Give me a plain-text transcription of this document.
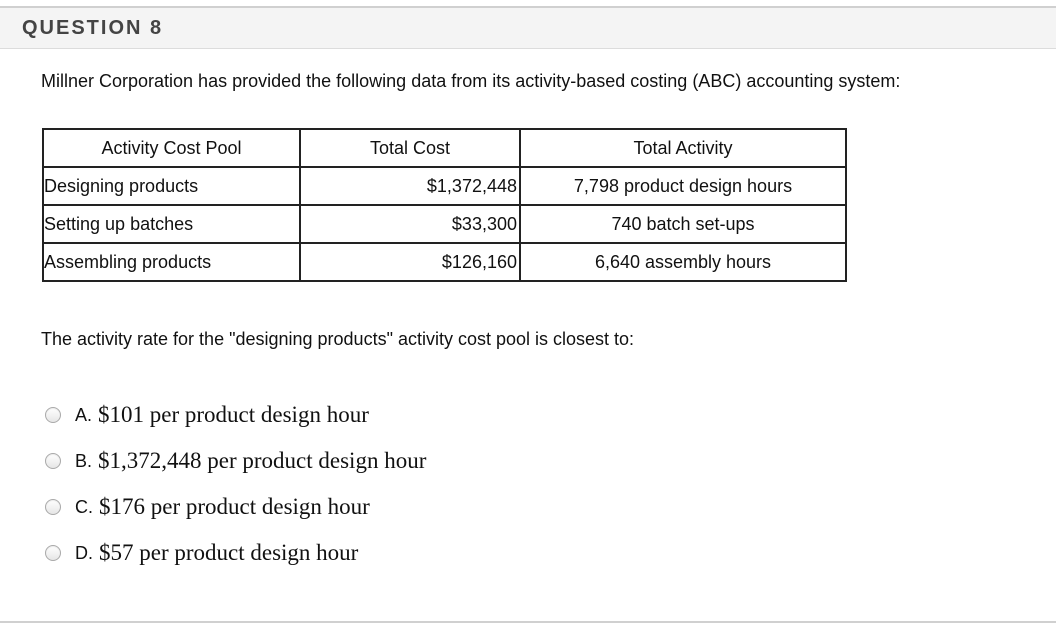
QUESTION 8
Millner Corporation has provided the following data from its activity-based costing (ABC) accounting system:
Activity Cost Pool	Total Cost	Total Activity
Designing products	$1,372,448	7,798 product design hours
Setting up batches	$33,300	740 batch set-ups
Assembling products	$126,160	6,640 assembly hours
The activity rate for the "designing products" activity cost pool is closest to:
A. $101 per product design hour
B. $1,372,448 per product design hour
C. $176 per product design hour
D. $57 per product design hour
